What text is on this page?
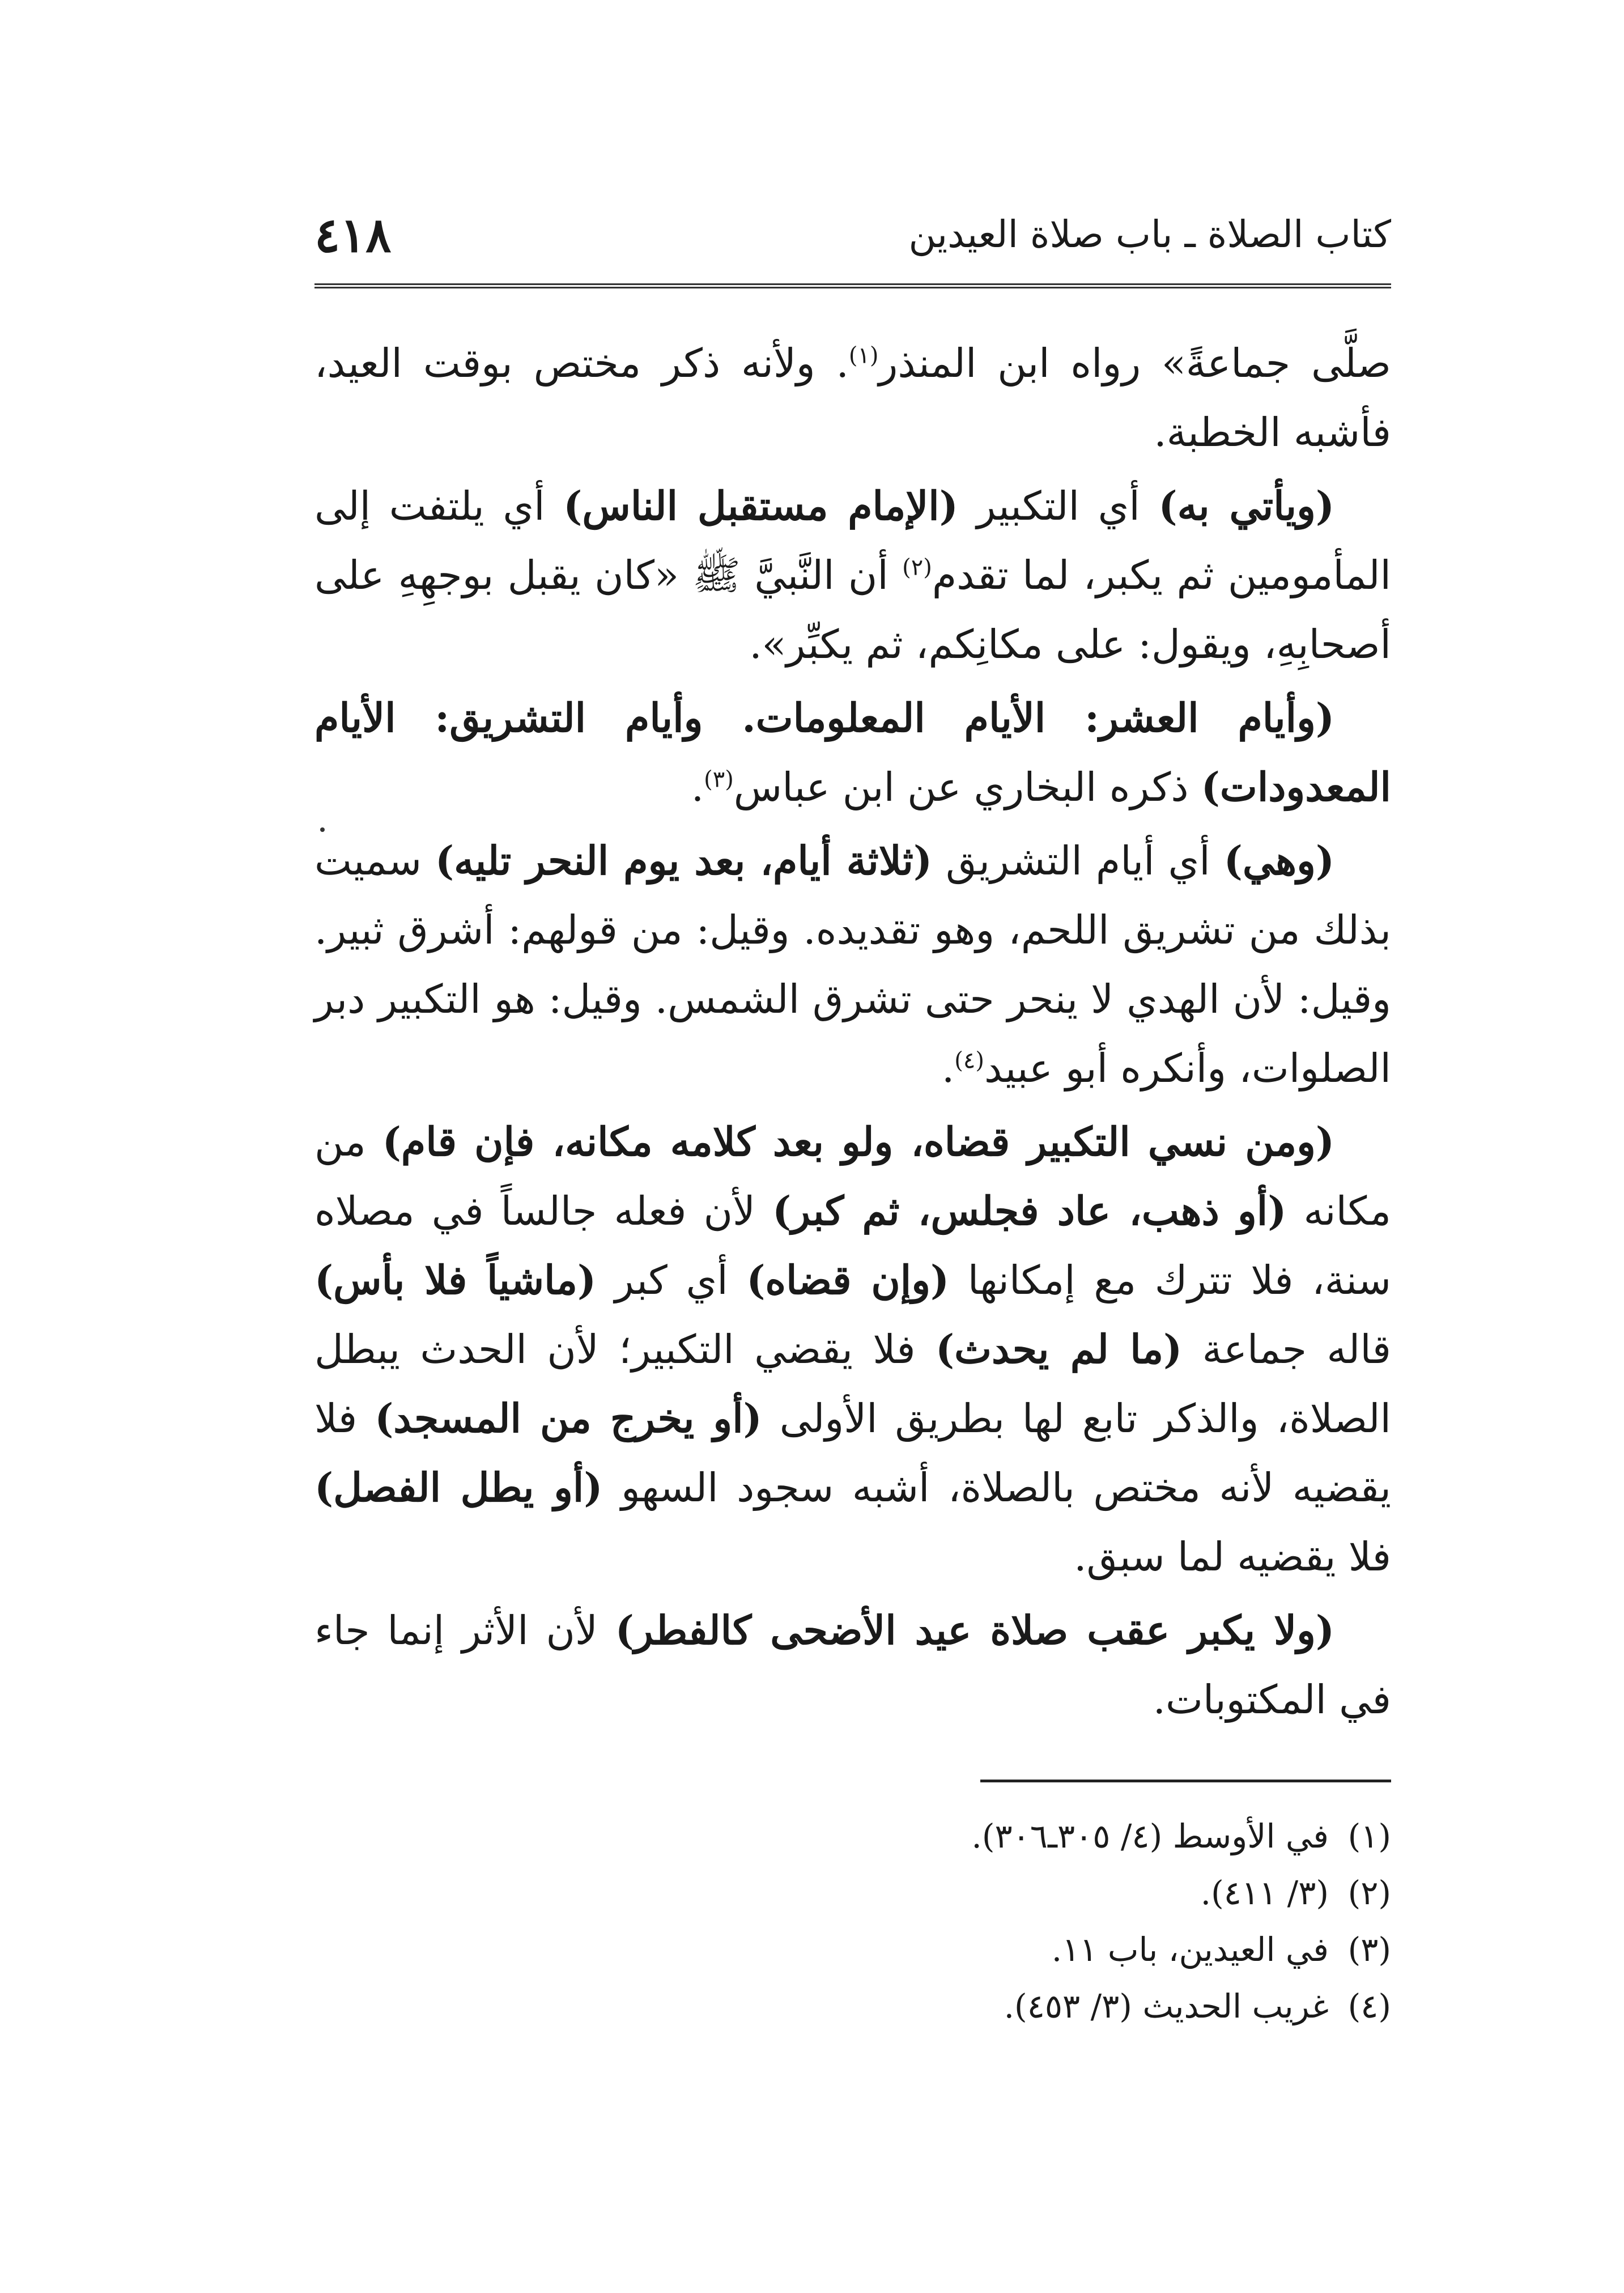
كتاب الصلاة ـ باب صلاة العيدين
٤١٨

صلَّى جماعةً» رواه ابن المنذر$^{(١)}$. ولأنه ذكر مختص بوقت العيد، فأشبه الخطبة.

(ويأتي به) أي التكبير (الإمام مستقبل الناس) أي يلتفت إلى المأمومين ثم يكبر، لما تقدم$^{(٢)}$ أن النَّبيَّ ﷺ «كان يقبل بوجهِهِ على أصحابِهِ، ويقول: على مكانِكم، ثم يكبِّر».

(وأيام العشر: الأيام المعلومات. وأيام التشريق: الأيام المعدودات) ذكره البخاري عن ابن عباس$^{(٣)}$.

(وهي) أي أيام التشريق (ثلاثة أيام، بعد يوم النحر تليه) سميت بذلك من تشريق اللحم، وهو تقديده. وقيل: من قولهم: أشرق ثبير. وقيل: لأن الهدي لا ينحر حتى تشرق الشمس. وقيل: هو التكبير دبر الصلوات، وأنكره أبو عبيد$^{(٤)}$.

(ومن نسي التكبير قضاه، ولو بعد كلامه مكانه، فإن قام) من مكانه (أو ذهب، عاد فجلس، ثم كبر) لأن فعله جالساً في مصلاه سنة، فلا تترك مع إمكانها (وإن قضاه) أي كبر (ماشياً فلا بأس) قاله جماعة (ما لم يحدث) فلا يقضي التكبير؛ لأن الحدث يبطل الصلاة، والذكر تابع لها بطريق الأولى (أو يخرج من المسجد) فلا يقضيه لأنه مختص بالصلاة، أشبه سجود السهو (أو يطل الفصل) فلا يقضيه لما سبق.

(ولا يكبر عقب صلاة عيد الأضحى كالفطر) لأن الأثر إنما جاء في المكتوبات.

(١)في الأوسط (٤/ ٣٠٥ـ٣٠٦).
(٢)(٣/ ٤١١).
(٣)في العيدين، باب ١١.
(٤)غريب الحديث (٣/ ٤٥٣).
